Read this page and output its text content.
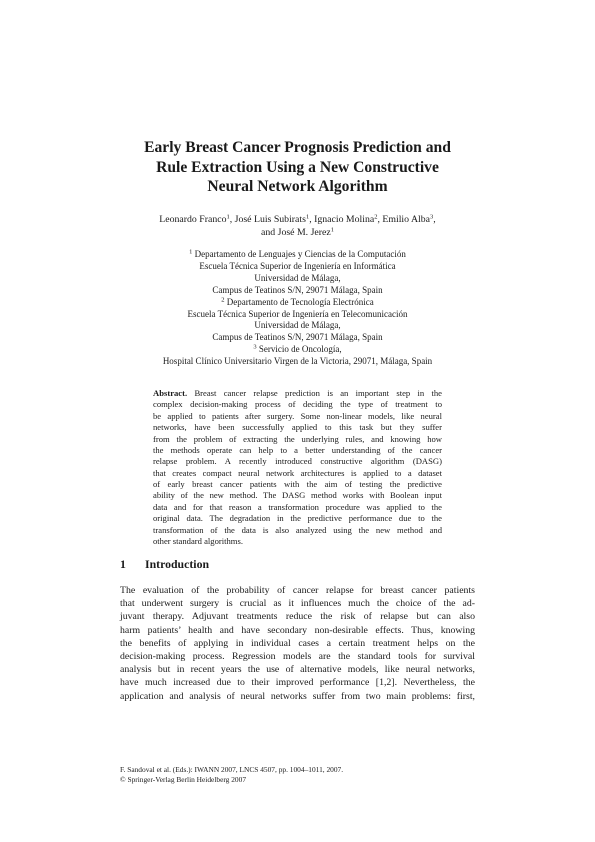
Early Breast Cancer Prognosis Prediction and
Rule Extraction Using a New Constructive
Neural Network Algorithm
Leonardo Franco$^1$, José Luis Subirats$^1$, Ignacio Molina$^2$, Emilio Alba$^3$,
and José M. Jerez$^1$
$^1$ Departamento de Lenguajes y Ciencias de la Computación
Escuela Técnica Superior de Ingeniería en Informática
Universidad de Málaga,
Campus de Teatinos S/N, 29071 Málaga, Spain
$^2$ Departamento de Tecnología Electrónica
Escuela Técnica Superior de Ingeniería en Telecomunicación
Universidad de Málaga,
Campus de Teatinos S/N, 29071 Málaga, Spain
$^3$ Servicio de Oncología,
Hospital Clínico Universitario Virgen de la Victoria, 29071, Málaga, Spain
Abstract. Breast cancer relapse prediction is an important step in the
complex decision-making process of deciding the type of treatment to
be applied to patients after surgery. Some non-linear models, like neural
networks, have been successfully applied to this task but they suffer
from the problem of extracting the underlying rules, and knowing how
the methods operate can help to a better understanding of the cancer
relapse problem. A recently introduced constructive algorithm (DASG)
that creates compact neural network architectures is applied to a dataset
of early breast cancer patients with the aim of testing the predictive
ability of the new method. The DASG method works with Boolean input
data and for that reason a transformation procedure was applied to the
original data. The degradation in the predictive performance due to the
transformation of the data is also analyzed using the new method and
other standard algorithms.
1 Introduction
The evaluation of the probability of cancer relapse for breast cancer patients
that underwent surgery is crucial as it influences much the choice of the ad-
juvant therapy. Adjuvant treatments reduce the risk of relapse but can also
harm patients’ health and have secondary non-desirable effects. Thus, knowing
the benefits of applying in individual cases a certain treatment helps on the
decision-making process. Regression models are the standard tools for survival
analysis but in recent years the use of alternative models, like neural networks,
have much increased due to their improved performance [1,2]. Nevertheless, the
application and analysis of neural networks suffer from two main problems: first,
F. Sandoval et al. (Eds.): IWANN 2007, LNCS 4507, pp. 1004–1011, 2007.
© Springer-Verlag Berlin Heidelberg 2007
